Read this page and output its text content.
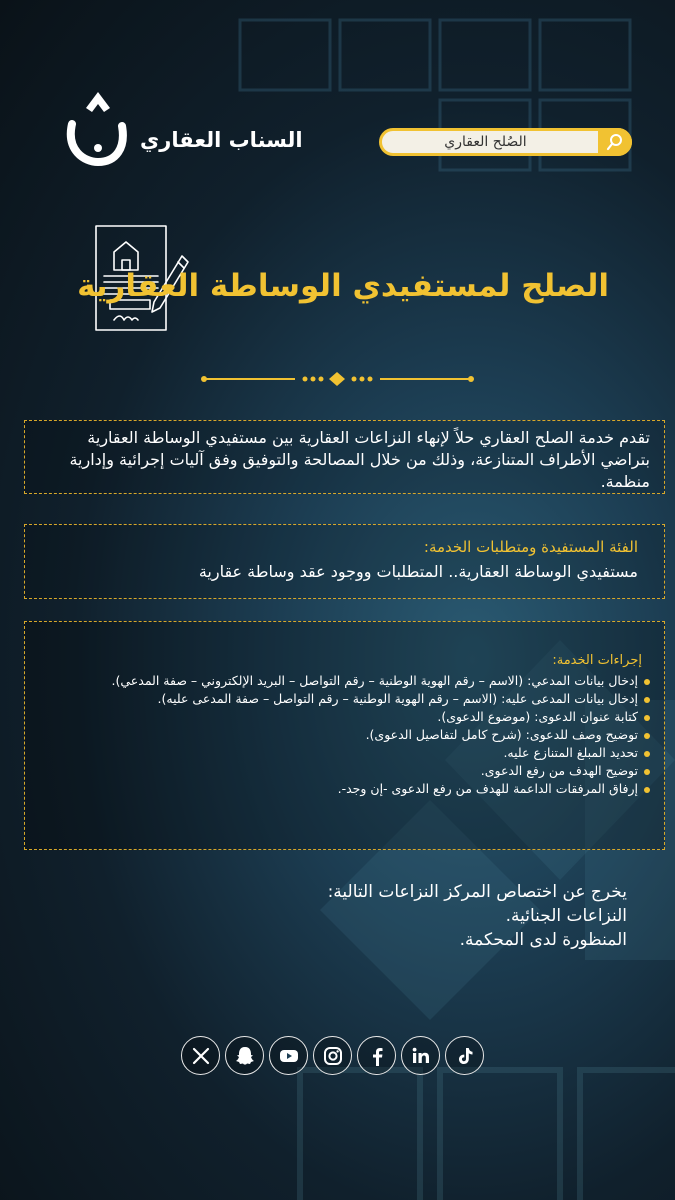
السناب العقاري	الصُلح العقاري
الصلح لمستفيدي الوساطة العقارية
تقدم خدمة الصلح العقاري حلاً لإنهاء النزاعات العقارية بين مستفيدي الوساطة العقارية بتراضي الأطراف المتنازعة، وذلك من خلال المصالحة والتوفيق وفق آليات إجرائية وإدارية منظمة.
الفئة المستفيدة ومتطلبات الخدمة:
مستفيدي الوساطة العقارية.. المتطلبات ووجود عقد وساطة عقارية
إجراءات الخدمة:
إدخال بيانات المدعي: (الاسم – رقم الهوية الوطنية – رقم التواصل – البريد الإلكتروني – صفة المدعي).
إدخال بيانات المدعى عليه: (الاسم – رقم الهوية الوطنية – رقم التواصل – صفة المدعى عليه).
كتابة عنوان الدعوى: (موضوع الدعوى).
توضيح وصف للدعوى: (شرح كامل لتفاصيل الدعوى).
تحديد المبلغ المتنازع عليه.
توضيح الهدف من رفع الدعوى.
إرفاق المرفقات الداعمة للهدف من رفع الدعوى -إن وجد-.
يخرج عن اختصاص المركز النزاعات التالية:
النزاعات الجنائية.
المنظورة لدى المحكمة.
